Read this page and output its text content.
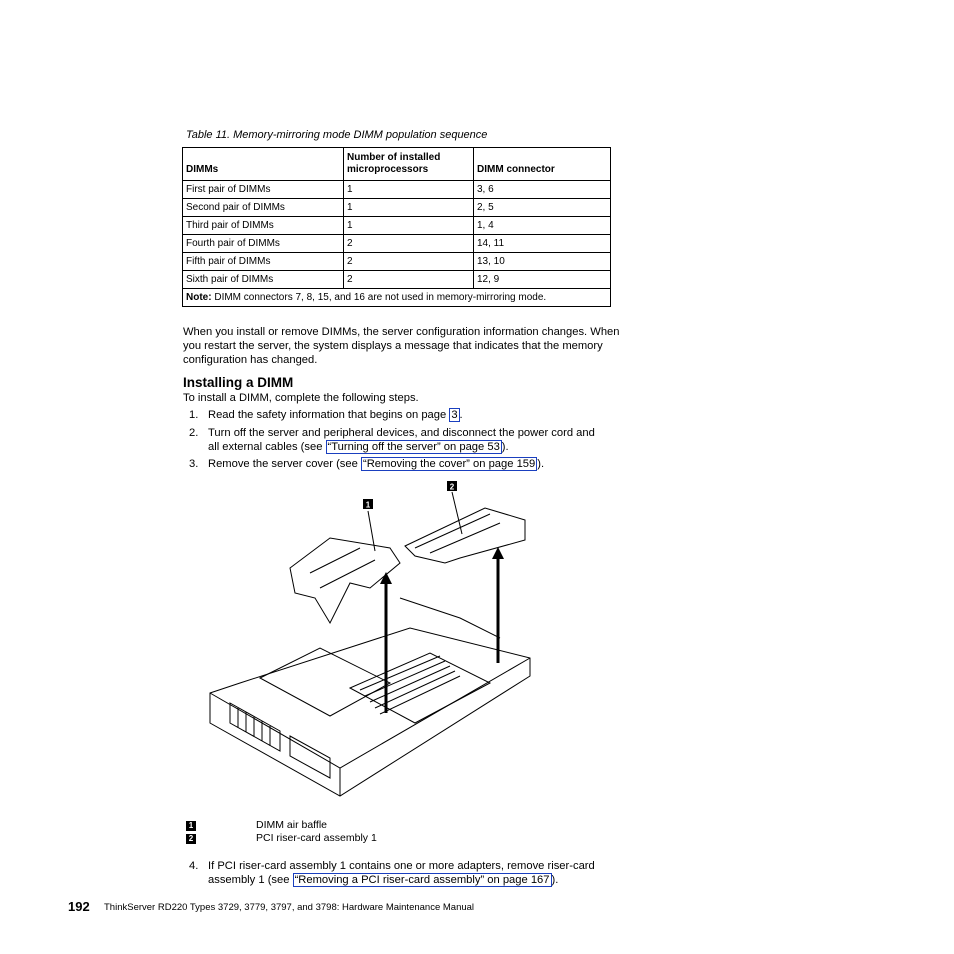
Table 11. Memory-mirroring mode DIMM population sequence
DIMMs	Number of installed microprocessors	DIMM connector
First pair of DIMMs	1	3, 6
Second pair of DIMMs	1	2, 5
Third pair of DIMMs	1	1, 4
Fourth pair of DIMMs	2	14, 11
Fifth pair of DIMMs	2	13, 10
Sixth pair of DIMMs	2	12, 9
Note: DIMM connectors 7, 8, 15, and 16 are not used in memory-mirroring mode.		
When you install or remove DIMMs, the server configuration information changes. When you restart the server, the system displays a message that indicates that the memory configuration has changed.
Installing a DIMM
To install a DIMM, complete the following steps.
1. Read the safety information that begins on page 3 .
2. Turn off the server and peripheral devices, and disconnect the power cord and
all external cables (see “Turning off the server” on page 53 ).
3. Remove the server cover (see “Removing the cover” on page 159 ).
1
2
1	DIMM air baffle
2	PCI riser-card assembly 1
4. If PCI riser-card assembly 1 contains one or more adapters, remove riser-card
assembly 1 (see “Removing a PCI riser-card assembly” on page 167 ).
192 ThinkServer RD220 Types 3729, 3779, 3797, and 3798: Hardware Maintenance Manual
